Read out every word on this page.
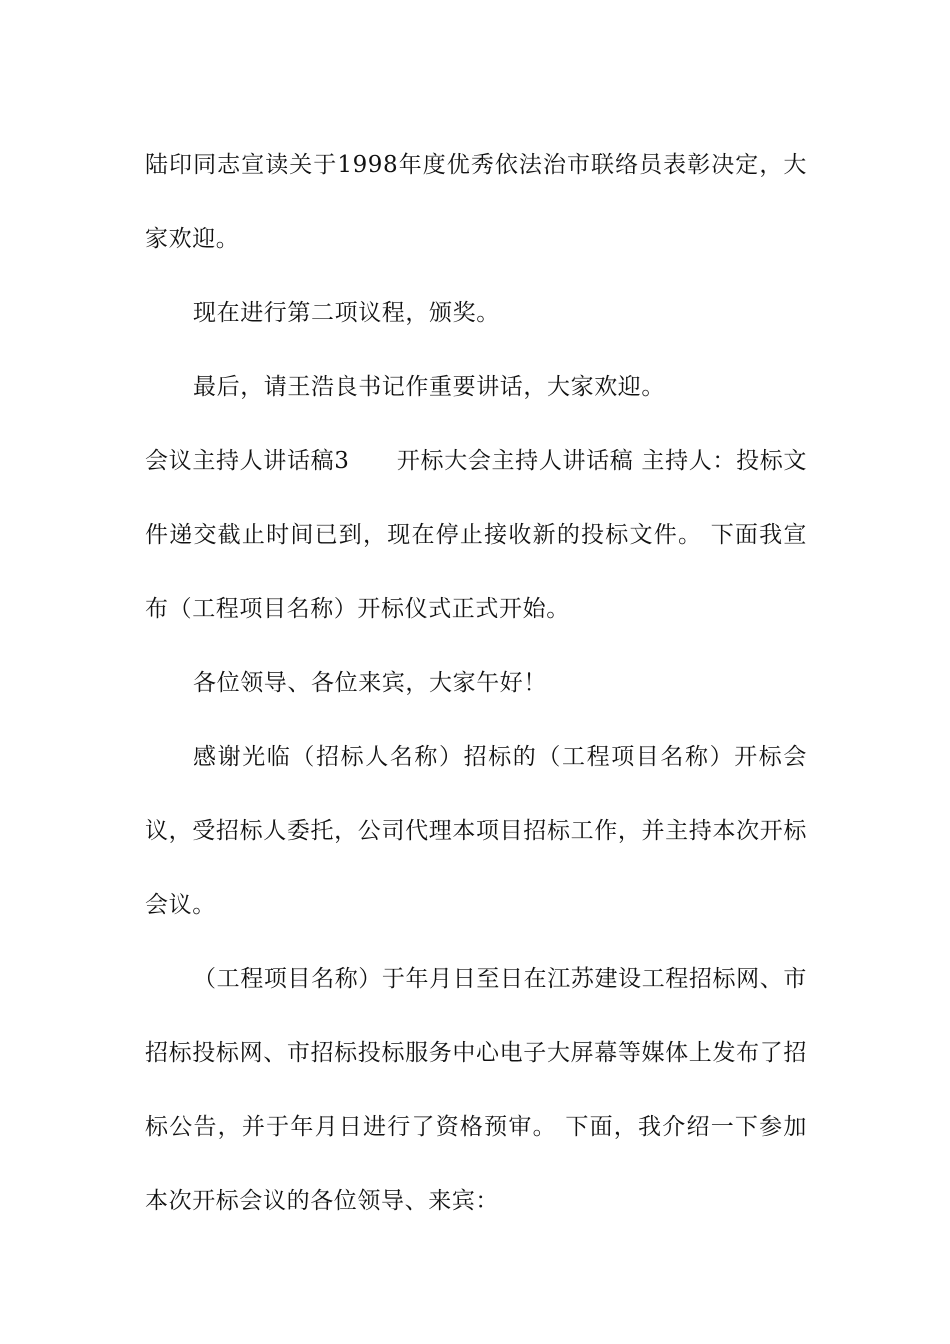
陆印同志宣读关于1998年度优秀依法治市联络员表彰决定，大家欢迎。

现在进行第二项议程，颁奖。

最后，请王浩良书记作重要讲话，大家欢迎。

会议主持人讲话稿3　　开标大会主持人讲话稿 主持人：投标文件递交截止时间已到，现在停止接收新的投标文件。 下面我宣布（工程项目名称）开标仪式正式开始。

各位领导、各位来宾，大家午好！

感谢光临（招标人名称）招标的（工程项目名称）开标会议，受招标人委托，公司代理本项目招标工作，并主持本次开标会议。

（工程项目名称）于年月日至日在江苏建设工程招标网、市招标投标网、市招标投标服务中心电子大屏幕等媒体上发布了招标公告，并于年月日进行了资格预审。 下面，我介绍一下参加本次开标会议的各位领导、来宾：
